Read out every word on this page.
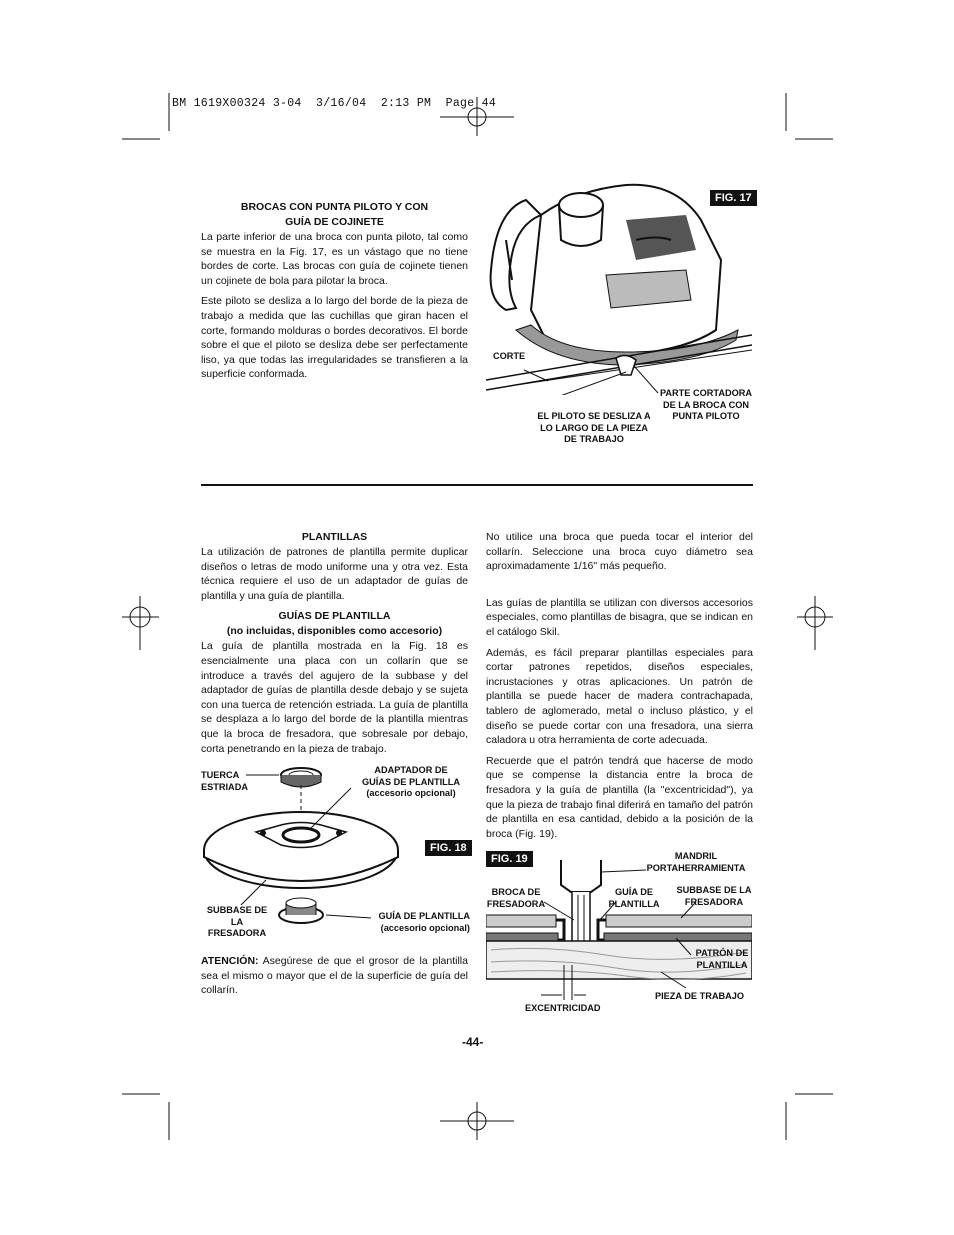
BM 1619X00324 3-04  3/16/04  2:13 PM  Page 44
BROCAS CON PUNTA PILOTO Y CON
GUÍA DE COJINETE

La parte inferior de una broca con punta piloto, tal como se muestra en la Fig. 17, es un vástago que no tiene bordes de corte. Las brocas con guía de cojinete tienen un cojinete de bola para pilotar la broca.

Este piloto se desliza a lo largo del borde de la pieza de trabajo a medida que las cuchillas que giran hacen el corte, formando molduras o bordes decorativos. El borde sobre el que el piloto se desliza debe ser perfectamente liso, ya que todas las irregularidades se transfieren a la superficie conformada.

FIG. 17
CORTE
PARTE CORTADORA
DE LA BROCA CON
PUNTA PILOTO
EL PILOTO SE DESLIZA A
LO LARGO DE LA PIEZA
DE TRABAJO
PLANTILLAS

La utilización de patrones de plantilla permite duplicar diseños o letras de modo uniforme una y otra vez. Esta técnica requiere el uso de un adaptador de guías de plantilla y una guía de plantilla.

GUÍAS DE PLANTILLA
(no incluidas, disponibles como accesorio)

La guía de plantilla mostrada en la Fig. 18 es esencialmente una placa con un collarín que se introduce a través del agujero de la subbase y del adaptador de guías de plantilla desde debajo y se sujeta con una tuerca de retención estriada. La guía de plantilla se desplaza a lo largo del borde de la plantilla mientras que la broca de fresadora, que sobresale por debajo, corta penetrando en la pieza de trabajo.

TUERCA
ESTRIADA
ADAPTADOR DE
GUÍAS DE PLANTILLA
(accesorio opcional)
FIG. 18
SUBBASE DE
LA
FRESADORA
GUÍA DE PLANTILLA
(accesorio opcional)

ATENCIÓN: Asegúrese de que el grosor de la plantilla sea el mismo o mayor que el de la superficie de guía del collarín.

No utilice una broca que pueda tocar el interior del collarín. Seleccione una broca cuyo diámetro sea aproximadamente 1/16" más pequeño.

Las guías de plantilla se utilizan con diversos accesorios especiales, como plantillas de bisagra, que se indican en el catálogo Skil.

Además, es fácil preparar plantillas especiales para cortar patrones repetidos, diseños especiales, incrustaciones y otras aplicaciones. Un patrón de plantilla se puede hacer de madera contrachapada, tablero de aglomerado, metal o incluso plástico, y el diseño se puede cortar con una fresadora, una sierra caladora u otra herramienta de corte adecuada.

Recuerde que el patrón tendrá que hacerse de modo que se compense la distancia entre la broca de fresadora y la guía de plantilla (la "excentricidad"), ya que la pieza de trabajo final diferirá en tamaño del patrón de plantilla en esa cantidad, debido a la posición de la broca (Fig. 19).

FIG. 19	MANDRIL
PORTAHERRAMIENTA
BROCA DE
FRESADORA
GUÍA DE
PLANTILLA
SUBBASE DE LA
FRESADORA
PATRÓN DE
PLANTILLA
PIEZA DE TRABAJO
EXCENTRICIDAD
-44-
